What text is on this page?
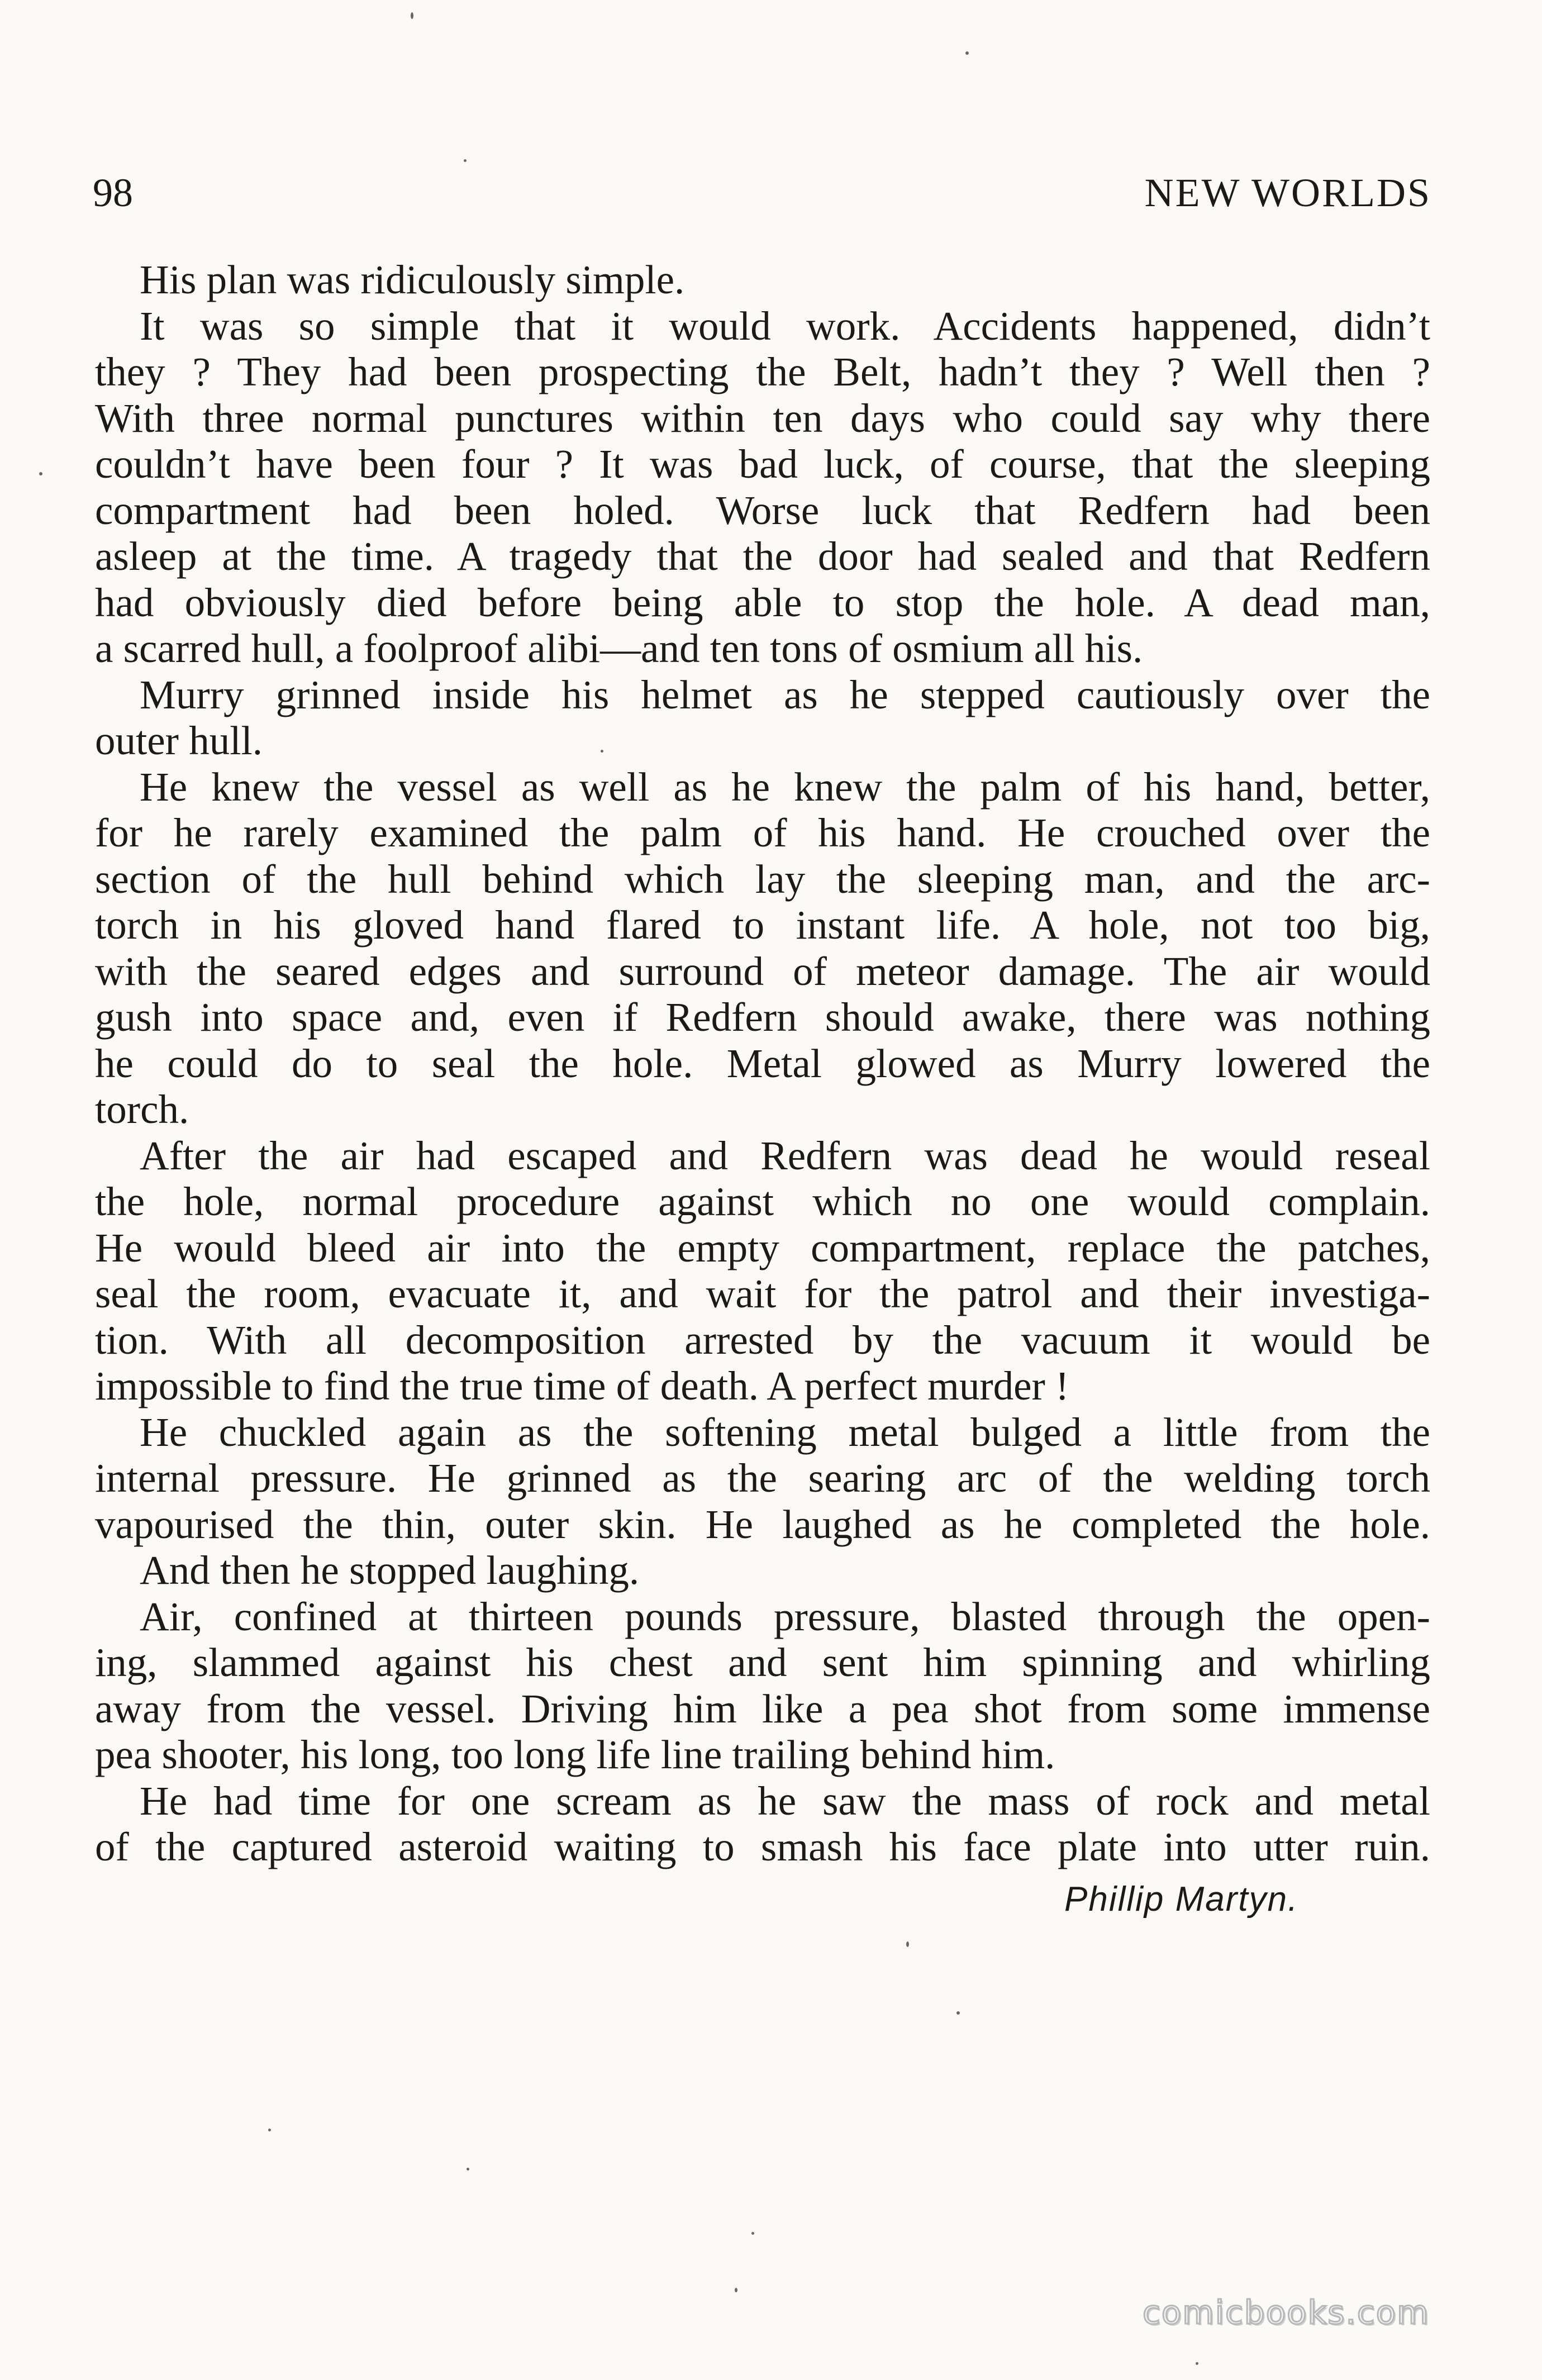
98	NEW WORLDS
His plan was ridiculously simple.
It was so simple that it would work. Accidents happened, didn’t
they ? They had been prospecting the Belt, hadn’t they ? Well then ?
With three normal punctures within ten days who could say why there
couldn’t have been four ? It was bad luck, of course, that the sleeping
compartment had been holed. Worse luck that Redfern had been
asleep at the time. A tragedy that the door had sealed and that Redfern
had obviously died before being able to stop the hole. A dead man,
a scarred hull, a foolproof alibi—and ten tons of osmium all his.
Murry grinned inside his helmet as he stepped cautiously over the
outer hull.
He knew the vessel as well as he knew the palm of his hand, better,
for he rarely examined the palm of his hand. He crouched over the
section of the hull behind which lay the sleeping man, and the arc-
torch in his gloved hand flared to instant life. A hole, not too big,
with the seared edges and surround of meteor damage. The air would
gush into space and, even if Redfern should awake, there was nothing
he could do to seal the hole. Metal glowed as Murry lowered the
torch.
After the air had escaped and Redfern was dead he would reseal
the hole, normal procedure against which no one would complain.
He would bleed air into the empty compartment, replace the patches,
seal the room, evacuate it, and wait for the patrol and their investiga-
tion. With all decomposition arrested by the vacuum it would be
impossible to find the true time of death. A perfect murder !
He chuckled again as the softening metal bulged a little from the
internal pressure. He grinned as the searing arc of the welding torch
vapourised the thin, outer skin. He laughed as he completed the hole.
And then he stopped laughing.
Air, confined at thirteen pounds pressure, blasted through the open-
ing, slammed against his chest and sent him spinning and whirling
away from the vessel. Driving him like a pea shot from some immense
pea shooter, his long, too long life line trailing behind him.
He had time for one scream as he saw the mass of rock and metal
of the captured asteroid waiting to smash his face plate into utter ruin.
Phillip Martyn.
comicbooks.com
